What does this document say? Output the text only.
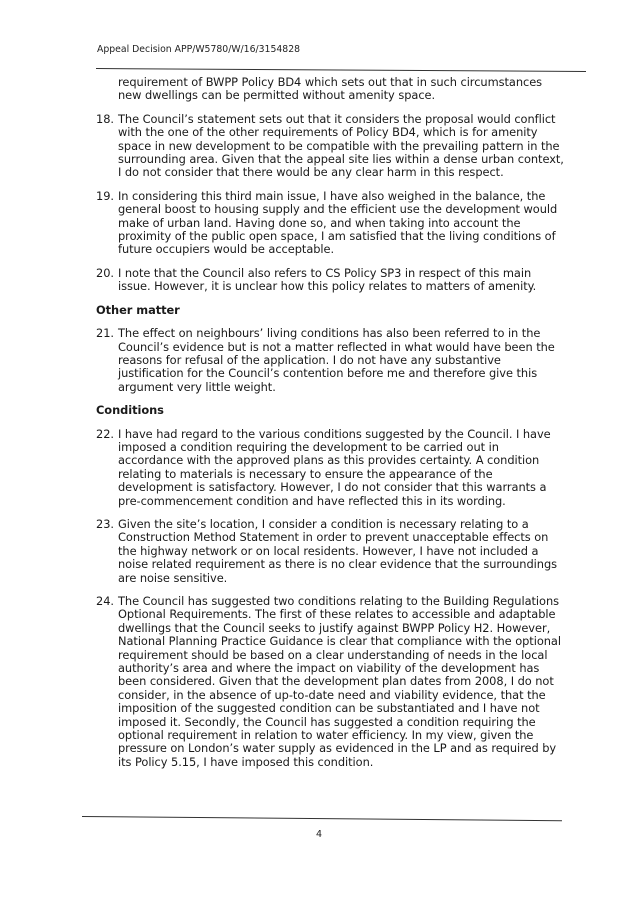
Appeal Decision APP/W5780/W/16/3154828

requirement of BWPP Policy BD4 which sets out that in such circumstances new dwellings can be permitted without amenity space.

18. The Council’s statement sets out that it considers the proposal would conflict with the one of the other requirements of Policy BD4, which is for amenity space in new development to be compatible with the prevailing pattern in the surrounding area. Given that the appeal site lies within a dense urban context, I do not consider that there would be any clear harm in this respect.
19. In considering this third main issue, I have also weighed in the balance, the general boost to housing supply and the efficient use the development would make of urban land. Having done so, and when taking into account the proximity of the public open space, I am satisfied that the living conditions of future occupiers would be acceptable.
20. I note that the Council also refers to CS Policy SP3 in respect of this main issue. However, it is unclear how this policy relates to matters of amenity.
Other matter
21. The effect on neighbours’ living conditions has also been referred to in the Council’s evidence but is not a matter reflected in what would have been the reasons for refusal of the application. I do not have any substantive justification for the Council’s contention before me and therefore give this argument very little weight.
Conditions
22. I have had regard to the various conditions suggested by the Council. I have imposed a condition requiring the development to be carried out in accordance with the approved plans as this provides certainty. A condition relating to materials is necessary to ensure the appearance of the development is satisfactory. However, I do not consider that this warrants a pre-commencement condition and have reflected this in its wording.
23. Given the site’s location, I consider a condition is necessary relating to a Construction Method Statement in order to prevent unacceptable effects on the highway network or on local residents. However, I have not included a noise related requirement as there is no clear evidence that the surroundings are noise sensitive.
24. The Council has suggested two conditions relating to the Building Regulations Optional Requirements. The first of these relates to accessible and adaptable dwellings that the Council seeks to justify against BWPP Policy H2. However, National Planning Practice Guidance is clear that compliance with the optional requirement should be based on a clear understanding of needs in the local authority’s area and where the impact on viability of the development has been considered. Given that the development plan dates from 2008, I do not consider, in the absence of up-to-date need and viability evidence, that the imposition of the suggested condition can be substantiated and I have not imposed it. Secondly, the Council has suggested a condition requiring the optional requirement in relation to water efficiency. In my view, given the pressure on London’s water supply as evidenced in the LP and as required by its Policy 5.15, I have imposed this condition.
4
